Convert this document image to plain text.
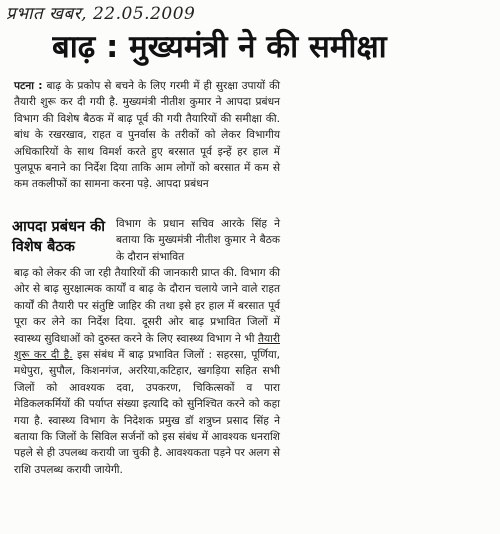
प्रभात खबर, 22.05.2009
बाढ़ : मुख्यमंत्री ने की समीक्षा
पटना : बाढ़ के प्रकोप से बचने के लिए गरमी में ही सुरक्षा उपायों की तैयारी शुरू कर दी गयी है. मुख्यमंत्री नीतीश कुमार ने आपदा प्रबंधन विभाग की विशेष बैठक में बाढ़ पूर्व की गयी तैयारियों की समीक्षा की. बांध के रखरखाव, राहत व पुनर्वास के तरीकों को लेकर विभागीय अधिकारियों के साथ विमर्श करते हुए बरसात पूर्व इन्हें हर हाल में पुलप्रूफ बनाने का निर्देश दिया ताकि आम लोगों को बरसात में कम से कम तकलीफों का सामना करना पड़े. आपदा प्रबंधन
आपदा प्रबंधन की विशेष बैठक
विभाग के प्रधान सचिव आरके सिंह ने बताया कि मुख्यमंत्री नीतीश कुमार ने बैठक के दौरान संभावित
बाढ़ को लेकर की जा रही तैयारियों की जानकारी प्राप्त की. विभाग की ओर से बाढ़ सुरक्षात्मक कार्यों व बाढ़ के दौरान चलाये जाने वाले राहत कार्यों की तैयारी पर संतुष्टि जाहिर की तथा इसे हर हाल में बरसात पूर्व पूरा कर लेने का निर्देश दिया. दूसरी ओर बाढ़ प्रभावित जिलों में स्वास्थ्य सुविधाओं को दुरुस्त करने के लिए स्वास्थ्य विभाग ने भी तैयारी शुरू कर दी है. इस संबंध में बाढ़ प्रभावित जिलों : सहरसा, पूर्णिया, मधेपुरा, सुपौल, किशनगंज, अररिया,कटिहार, खगड़िया सहित सभी जिलों को आवश्यक दवा, उपकरण, चिकित्सकों व पारा मेडिकलकर्मियों की पर्याप्त संख्या इत्यादि को सुनिश्चित करने को कहा गया है. स्वास्थ्य विभाग के निदेशक प्रमुख डॉ शत्रुघ्न प्रसाद सिंह ने बताया कि जिलों के सिविल सर्जनों को इस संबंध में आवश्यक धनराशि पहले से ही उपलब्ध करायी जा चुकी है. आवश्यकता पड़ने पर अलग से राशि उपलब्ध करायी जायेगी.
